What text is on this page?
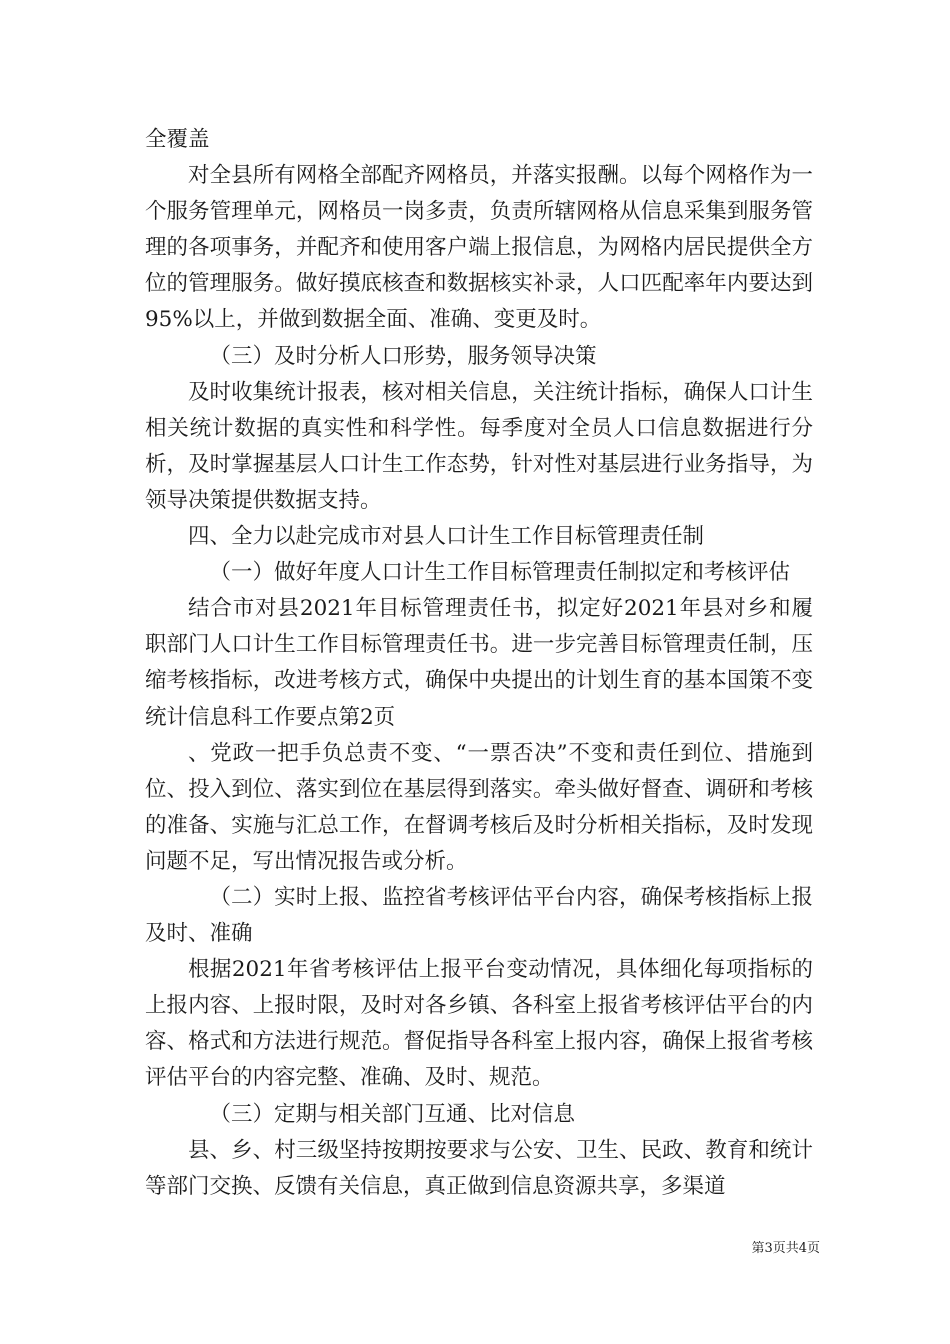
全覆盖

对全县所有网格全部配齐网格员，并落实报酬。以每个网格作为一个服务管理单元，网格员一岗多责，负责所辖网格从信息采集到服务管理的各项事务，并配齐和使用客户端上报信息，为网格内居民提供全方位的管理服务。做好摸底核查和数据核实补录，人口匹配率年内要达到95%以上，并做到数据全面、准确、变更及时。

（三）及时分析人口形势，服务领导决策

及时收集统计报表，核对相关信息，关注统计指标，确保人口计生相关统计数据的真实性和科学性。每季度对全员人口信息数据进行分析，及时掌握基层人口计生工作态势，针对性对基层进行业务指导，为领导决策提供数据支持。

四、全力以赴完成市对县人口计生工作目标管理责任制

（一）做好年度人口计生工作目标管理责任制拟定和考核评估

结合市对县2021年目标管理责任书，拟定好2021年县对乡和履职部门人口计生工作目标管理责任书。进一步完善目标管理责任制，压缩考核指标，改进考核方式，确保中央提出的计划生育的基本国策不变统计信息科工作要点第2页

、党政一把手负总责不变、“一票否决”不变和责任到位、措施到位、投入到位、落实到位在基层得到落实。牵头做好督查、调研和考核的准备、实施与汇总工作，在督调考核后及时分析相关指标，及时发现问题不足，写出情况报告或分析。

（二）实时上报、监控省考核评估平台内容，确保考核指标上报及时、准确

根据2021年省考核评估上报平台变动情况，具体细化每项指标的上报内容、上报时限，及时对各乡镇、各科室上报省考核评估平台的内容、格式和方法进行规范。督促指导各科室上报内容，确保上报省考核评估平台的内容完整、准确、及时、规范。

（三）定期与相关部门互通、比对信息

县、乡、村三级坚持按期按要求与公安、卫生、民政、教育和统计等部门交换、反馈有关信息，真正做到信息资源共享，多渠道

第3页共4页
